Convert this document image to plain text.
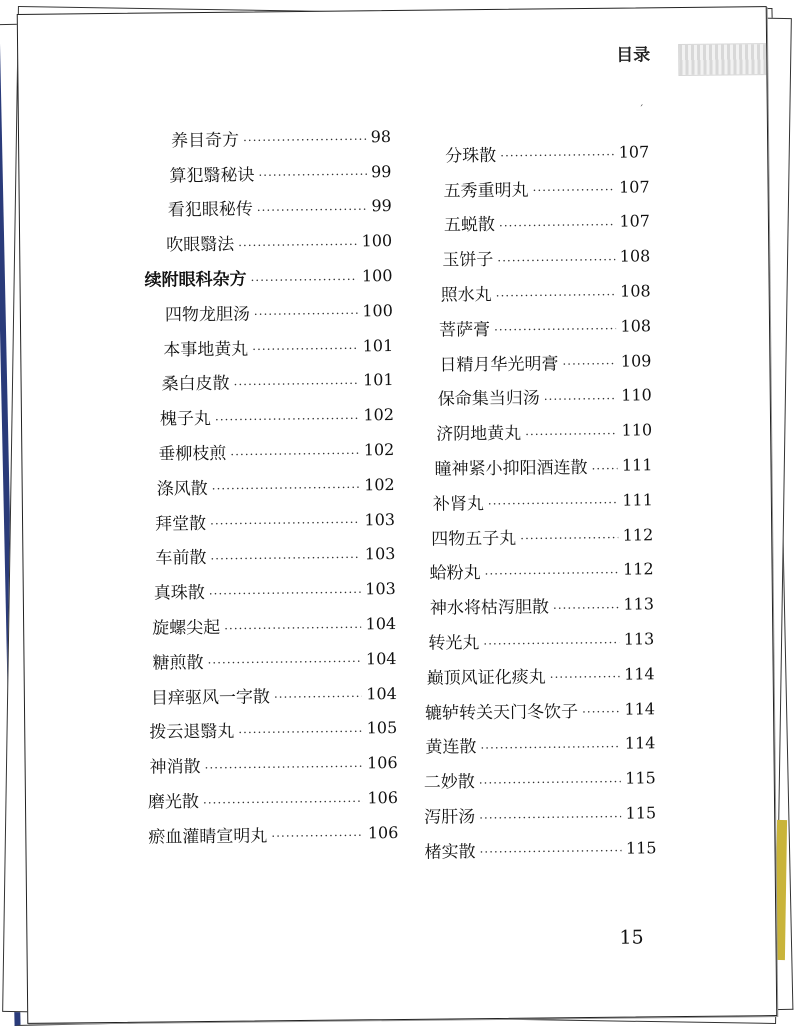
目录
ˊ
养目奇方 ·····	98
算犯翳秘诀 ·····	99
看犯眼秘传 ·····	99
吹眼翳法 ·····	100
续附眼科杂方 ·····	100
四物龙胆汤 ·····	100
本事地黄丸 ·····	101
桑白皮散 ·····	101
槐子丸 ·····	102
垂柳枝煎 ·····	102
涤风散 ·····	102
拜堂散 ·····	103
车前散 ·····	103
真珠散 ·····	103
旋螺尖起 ·····	104
糖煎散 ·····	104
目痒驱风一字散 ·····	104
拨云退翳丸 ·····	105
神消散 ·····	106
磨光散 ·····	106
瘀血灌睛宣明丸 ·····	106
分珠散 ·····	107
五秀重明丸 ·····	107
五蜕散 ·····	107
玉饼子 ·····	108
照水丸 ·····	108
菩萨膏 ·····	108
日精月华光明膏 ·····	109
保命集当归汤 ·····	110
济阴地黄丸 ·····	110
瞳神紧小抑阳酒连散 ····· 111
补肾丸 ·····	111
四物五子丸 ·····	112
蛤粉丸 ·····	112
神水将枯泻胆散 ·····	113
转光丸 ·····	113
巅顶风证化痰丸 ·····	114
辘轳转关天门冬饮子 ·····	114
黄连散 ·····	114
二妙散 ·····	115
泻肝汤 ·····	115
楮实散 ·····	115
15
